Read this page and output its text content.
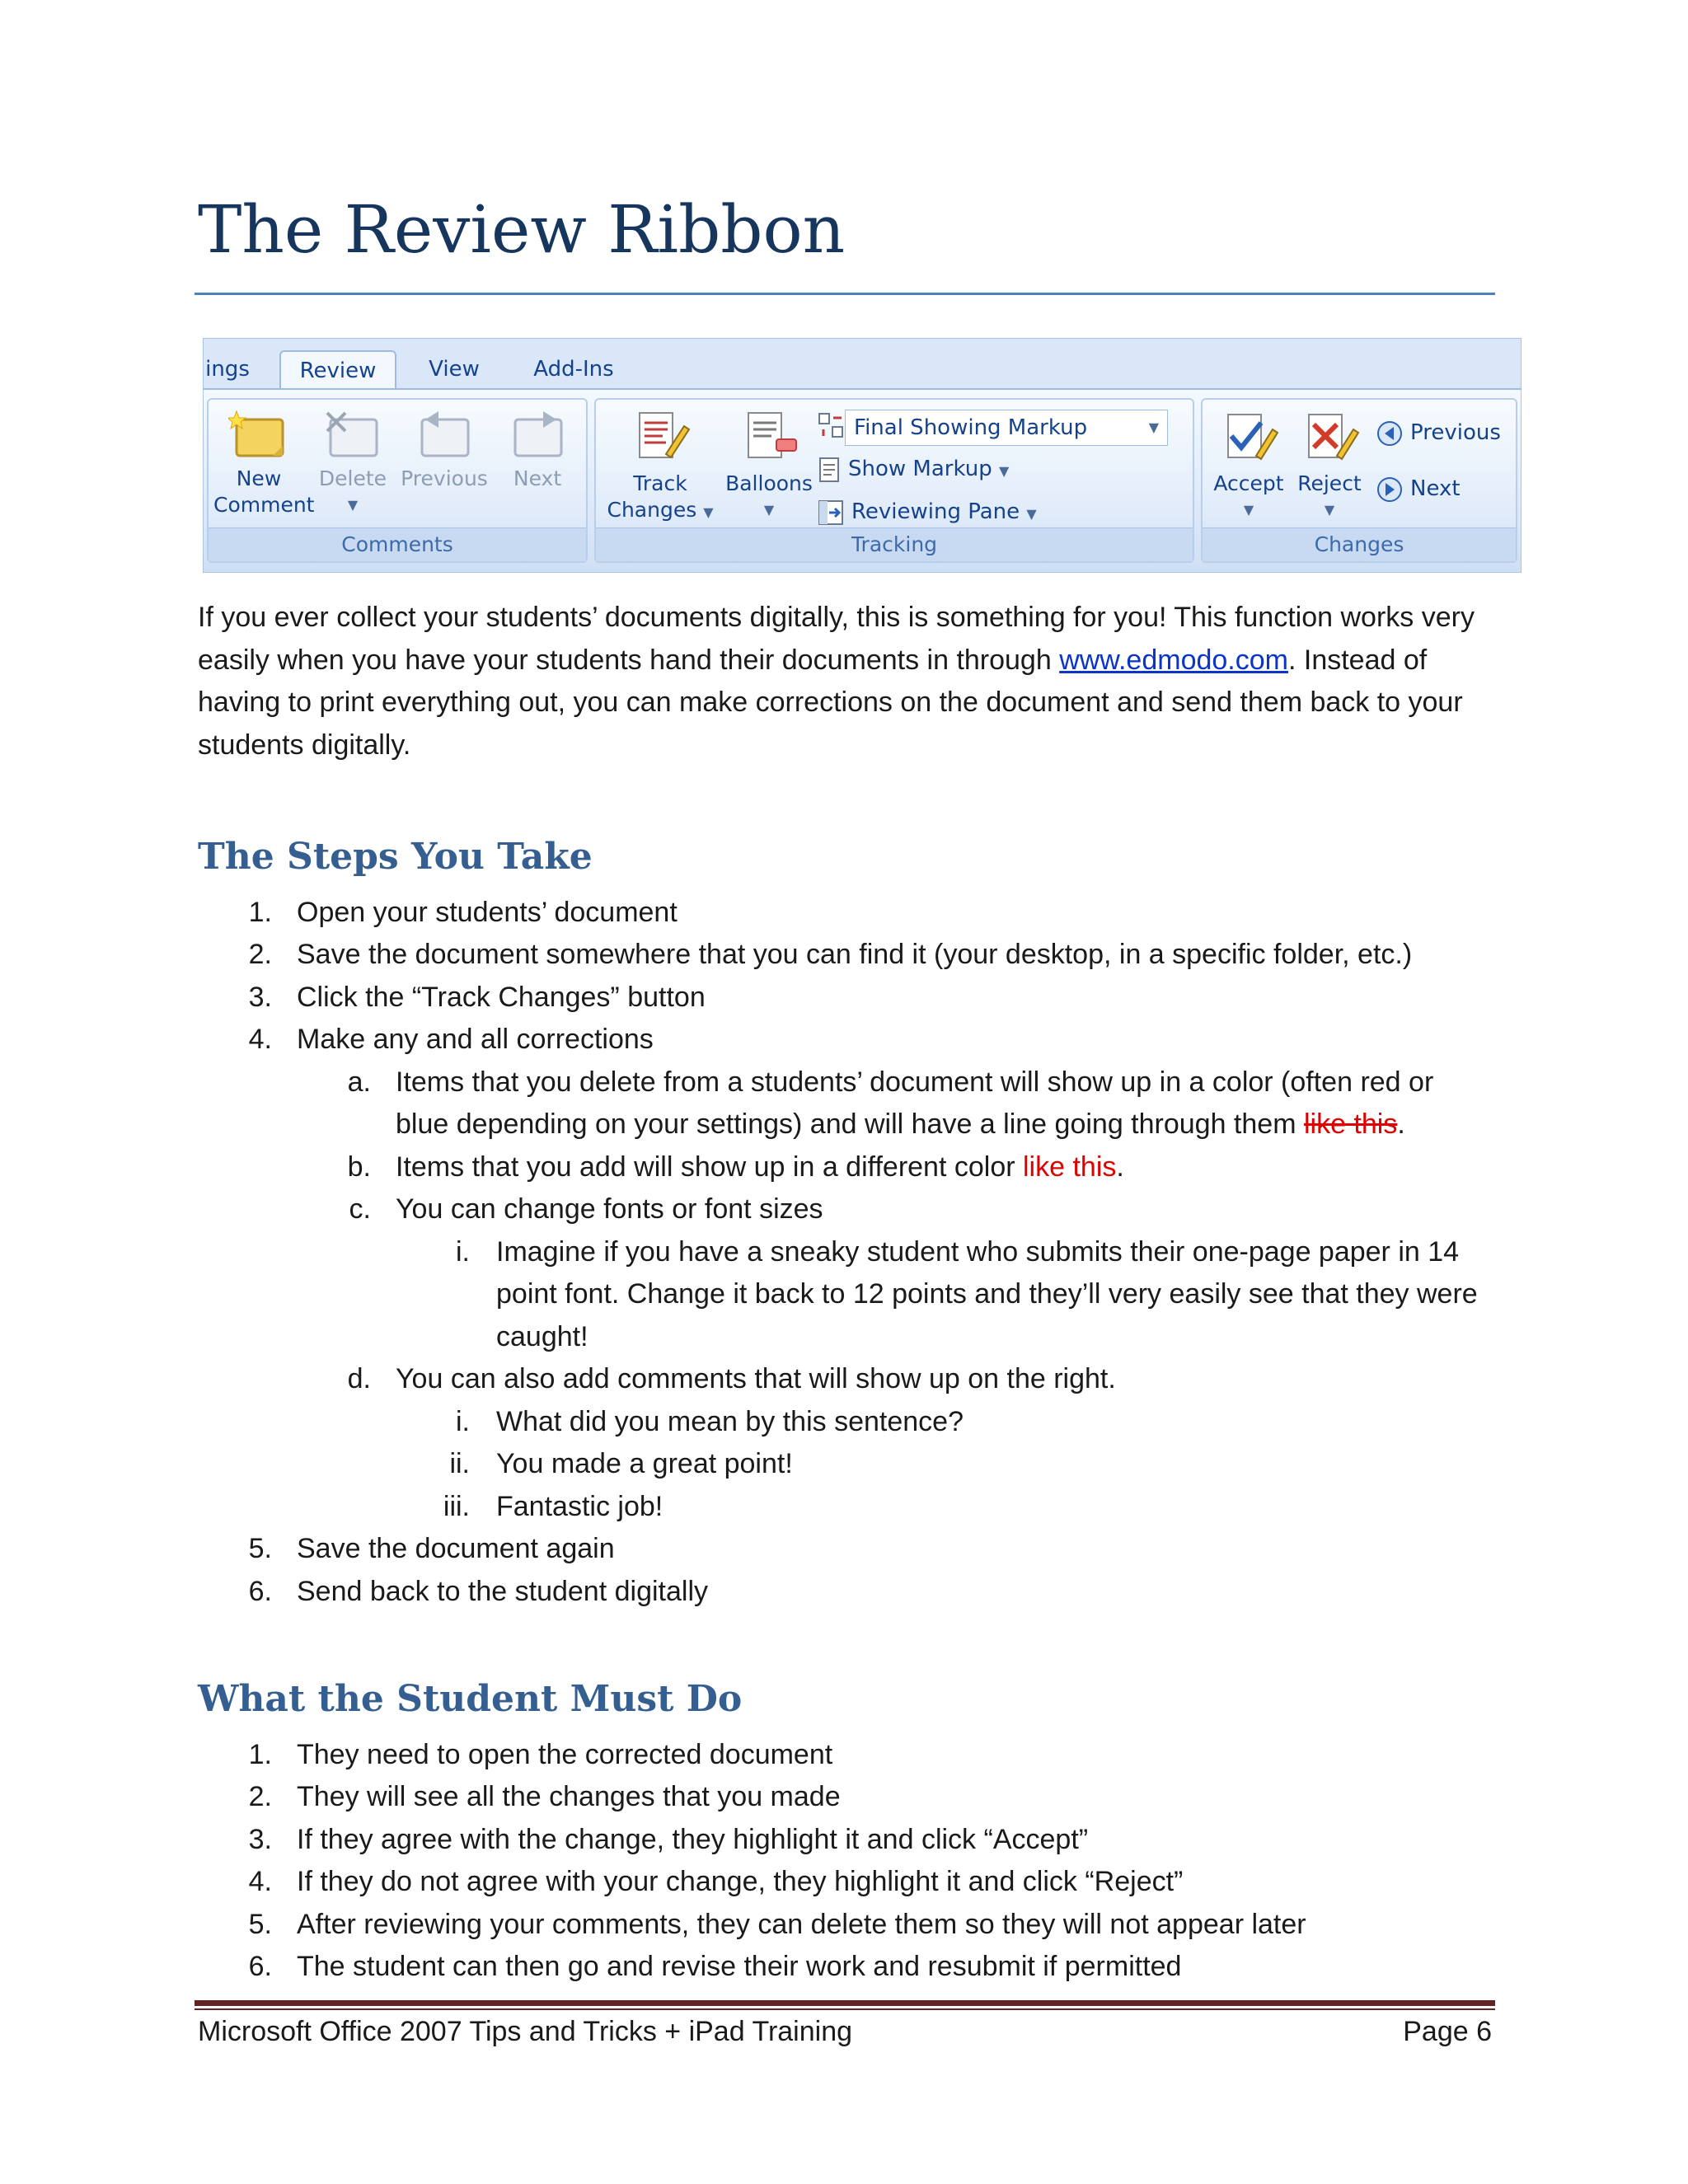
The Review Ribbon
ings	Review	View	Add-Ins
New
Comment
Delete
▼
Previous	Next
Comments
Track
Changes ▼
Balloons
▼
Final Showing Markup	▼
Show Markup ▼
Reviewing Pane ▼
Tracking
Accept
▼
Reject
▼
Previous
Next
Changes

If you ever collect your students’ documents digitally, this is something for you! This function works very easily when you have your students hand their documents in through www.edmodo.com. Instead of having to print everything out, you can make corrections on the document and send them back to your students digitally.

The Steps You Take
1. Open your students’ document
2. Save the document somewhere that you can find it (your desktop, in a specific folder, etc.)
3. Click the “Track Changes” button
4. Make any and all corrections
a. Items that you delete from a students’ document will show up in a color (often red or
blue depending on your settings) and will have a line going through them like this.
b. Items that you add will show up in a different color like this.
c. You can change fonts or font sizes
i. Imagine if you have a sneaky student who submits their one-page paper in 14
point font. Change it back to 12 points and they’ll very easily see that they were
caught!
d. You can also add comments that will show up on the right.
i. What did you mean by this sentence?
ii. You made a great point!
iii. Fantastic job!
5. Save the document again
6. Send back to the student digitally
What the Student Must Do
1. They need to open the corrected document
2. They will see all the changes that you made
3. If they agree with the change, they highlight it and click “Accept”
4. If they do not agree with your change, they highlight it and click “Reject”
5. After reviewing your comments, they can delete them so they will not appear later
6. The student can then go and revise their work and resubmit if permitted
Microsoft Office 2007 Tips and Tricks + iPad Training	Page 6
